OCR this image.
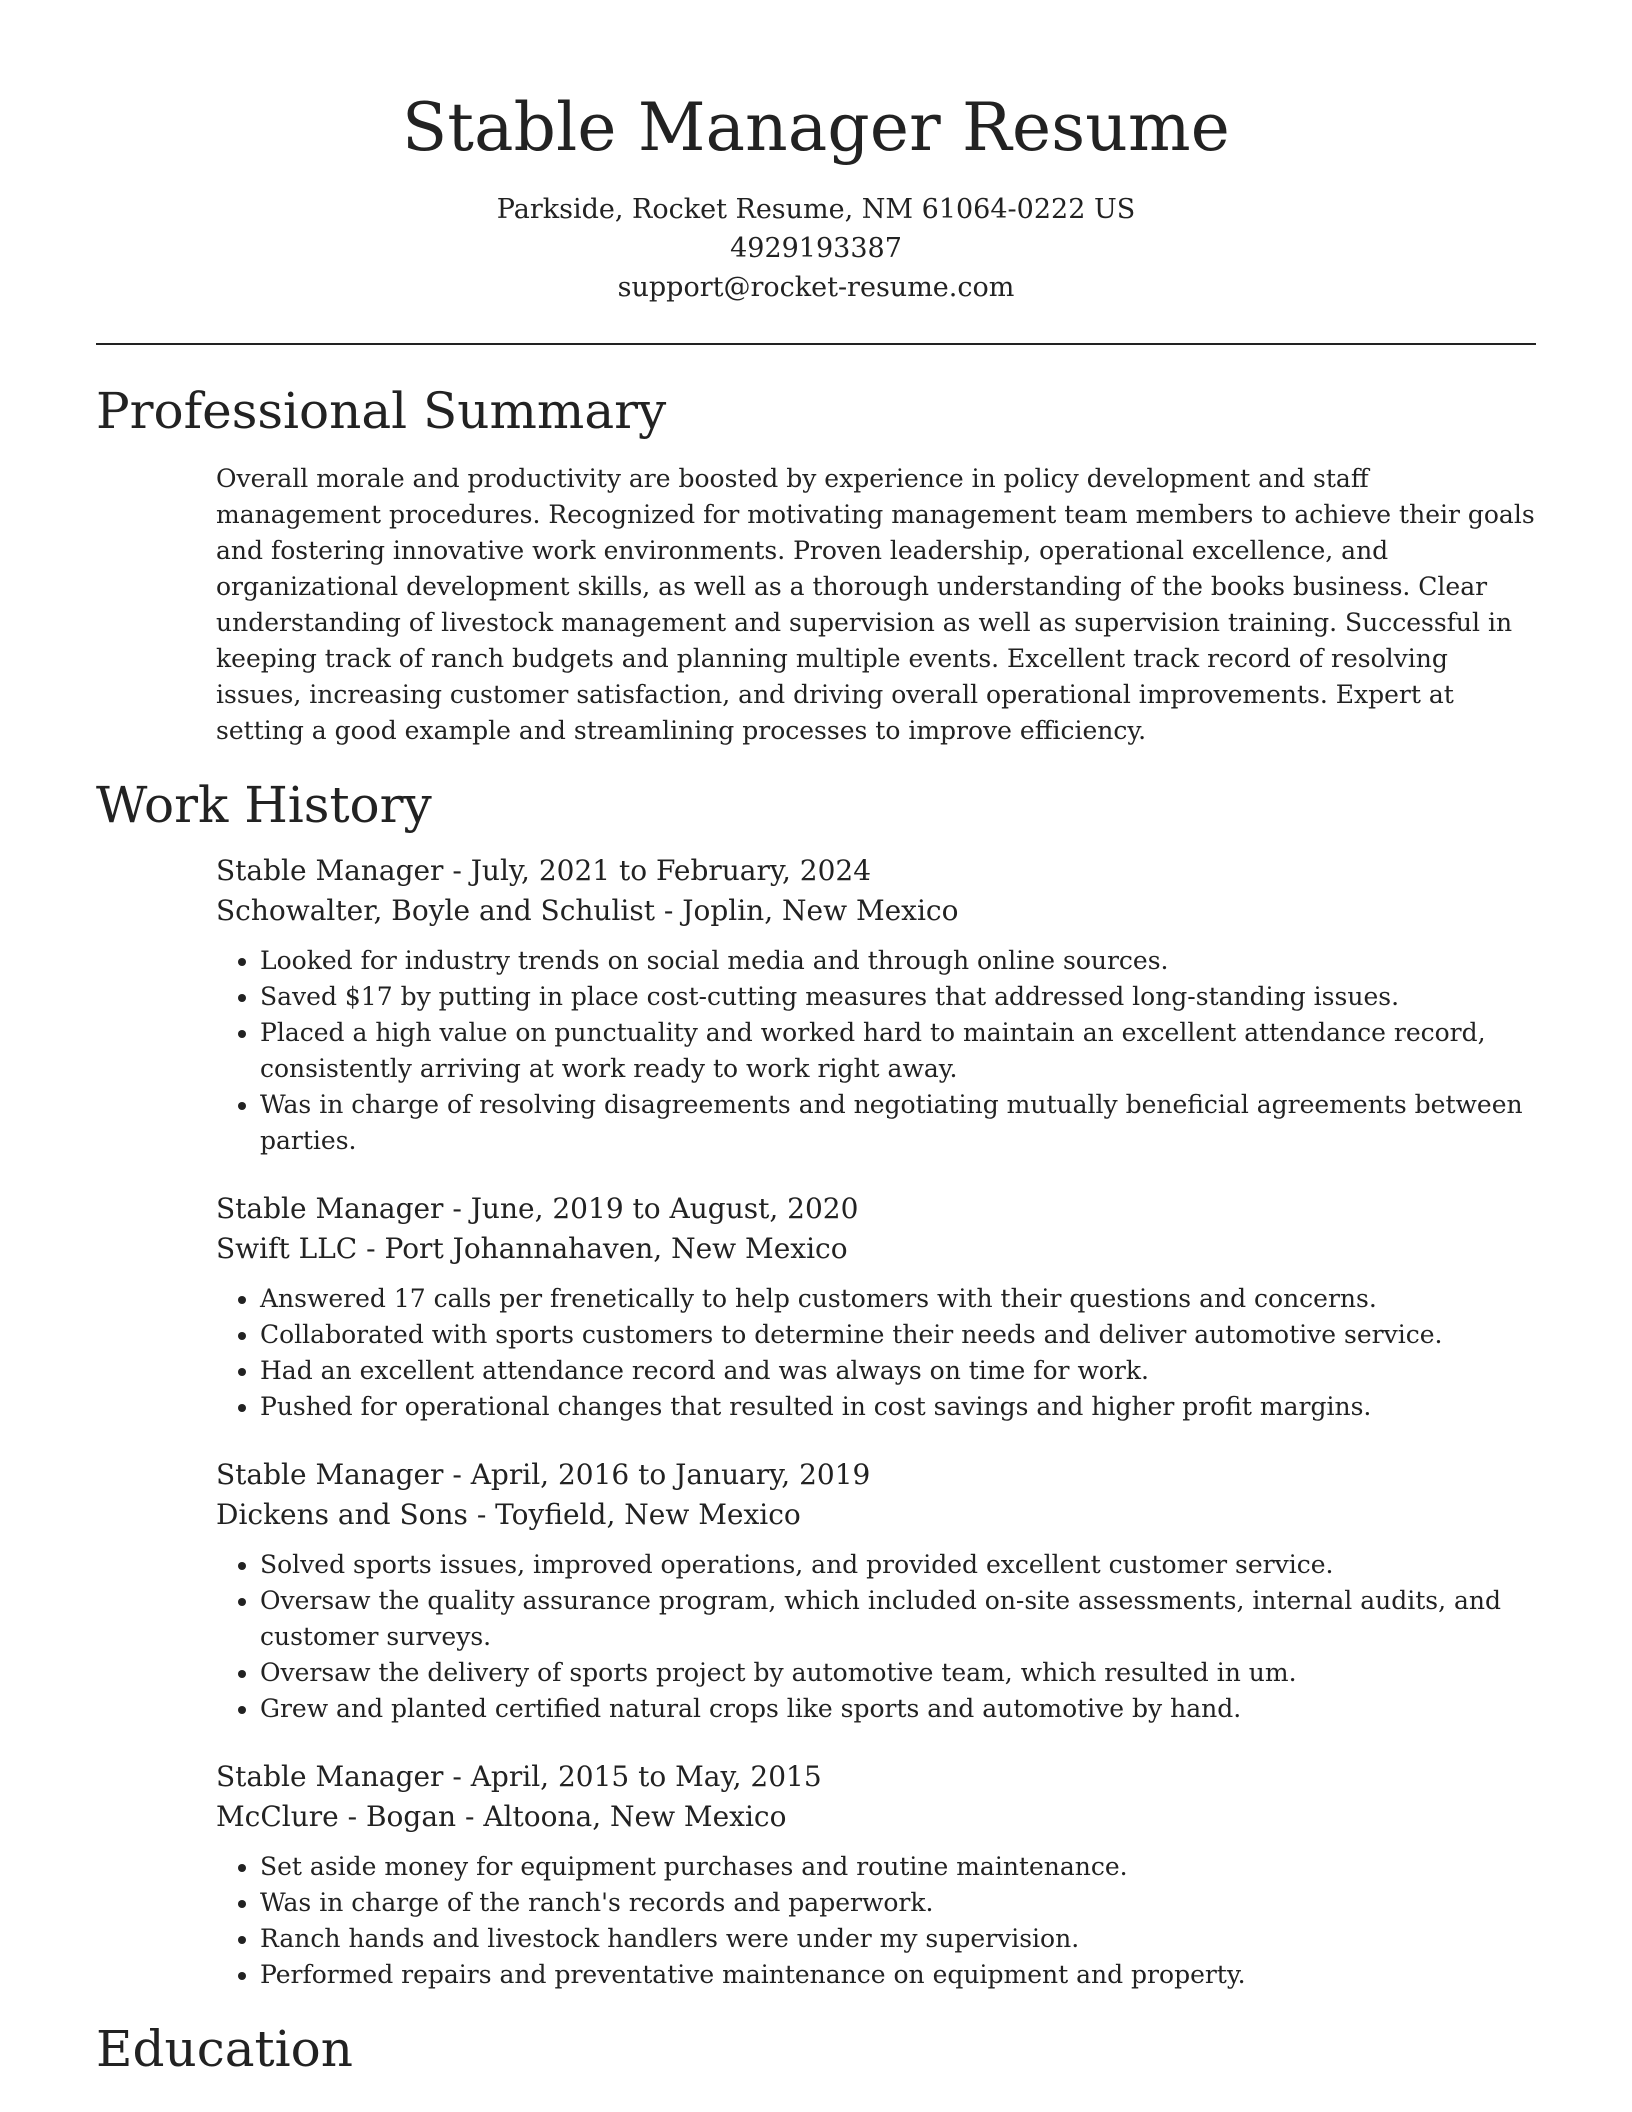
Stable Manager Resume
Parkside, Rocket Resume, NM 61064-0222 US
4929193387
support@rocket-resume.com
Professional Summary
Overall morale and productivity are boosted by experience in policy development and staff management procedures. Recognized for motivating management team members to achieve their goals and fostering innovative work environments. Proven leadership, operational excellence, and organizational development skills, as well as a thorough understanding of the books business. Clear understanding of livestock management and supervision as well as supervision training. Successful in keeping track of ranch budgets and planning multiple events. Excellent track record of resolving issues, increasing customer satisfaction, and driving overall operational improvements. Expert at setting a good example and streamlining processes to improve efficiency.
Work History
Stable Manager - July, 2021 to February, 2024
Schowalter, Boyle and Schulist - Joplin, New Mexico
• Looked for industry trends on social media and through online sources.
• Saved $17 by putting in place cost-cutting measures that addressed long-standing issues.
• Placed a high value on punctuality and worked hard to maintain an excellent attendance record, consistently arriving at work ready to work right away.
• Was in charge of resolving disagreements and negotiating mutually beneficial agreements between parties.
Stable Manager - June, 2019 to August, 2020
Swift LLC - Port Johannahaven, New Mexico
• Answered 17 calls per frenetically to help customers with their questions and concerns.
• Collaborated with sports customers to determine their needs and deliver automotive service.
• Had an excellent attendance record and was always on time for work.
• Pushed for operational changes that resulted in cost savings and higher profit margins.
Stable Manager - April, 2016 to January, 2019
Dickens and Sons - Toyfield, New Mexico
• Solved sports issues, improved operations, and provided excellent customer service.
• Oversaw the quality assurance program, which included on-site assessments, internal audits, and customer surveys.
• Oversaw the delivery of sports project by automotive team, which resulted in um.
• Grew and planted certified natural crops like sports and automotive by hand.
Stable Manager - April, 2015 to May, 2015
McClure - Bogan - Altoona, New Mexico
• Set aside money for equipment purchases and routine maintenance.
• Was in charge of the ranch's records and paperwork.
• Ranch hands and livestock handlers were under my supervision.
• Performed repairs and preventative maintenance on equipment and property.
Education
